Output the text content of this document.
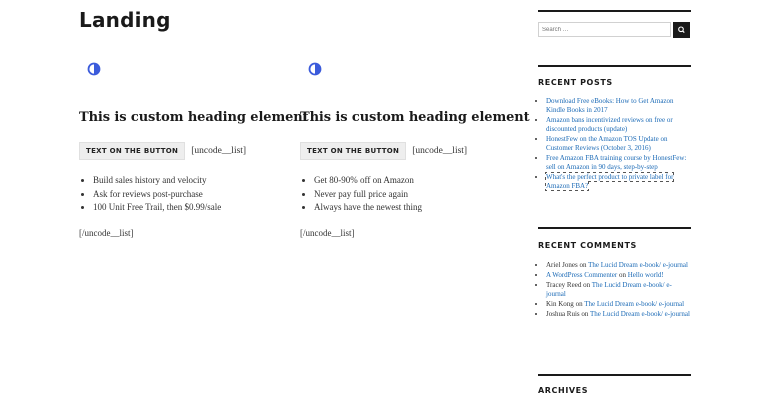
Landing
This is custom heading element
TEXT ON THE BUTTON	[uncode__list]
• Build sales history and velocity
• Ask for reviews post-purchase
• 100 Unit Free Trail, then $0.99/sale
[/uncode__list]
This is custom heading element
TEXT ON THE BUTTON	[uncode__list]
• Get 80-90% off on Amazon
• Never pay full price again
• Always have the newest thing
[/uncode__list]
Search …
RECENT POSTS
• Download Free eBooks: How to Get Amazon Kindle Books in 2017
• Amazon bans incentivized reviews on free or discounted products (update)
• HonestFew on the Amazon TOS Update on Customer Reviews (October 3, 2016)
• Free Amazon FBA training course by HonestFew: sell on Amazon in 90 days, step-by-step
• What's the perfect product to private label for Amazon FBA?
RECENT COMMENTS
• Ariel Jones on The Lucid Dream e-book/ e-journal
• A WordPress Commenter on Hello world!
• Tracey Reed on The Lucid Dream e-book/ e-journal
• Kin Kong on The Lucid Dream e-book/ e-journal
• Joshua Ruis on The Lucid Dream e-book/ e-journal
ARCHIVES
